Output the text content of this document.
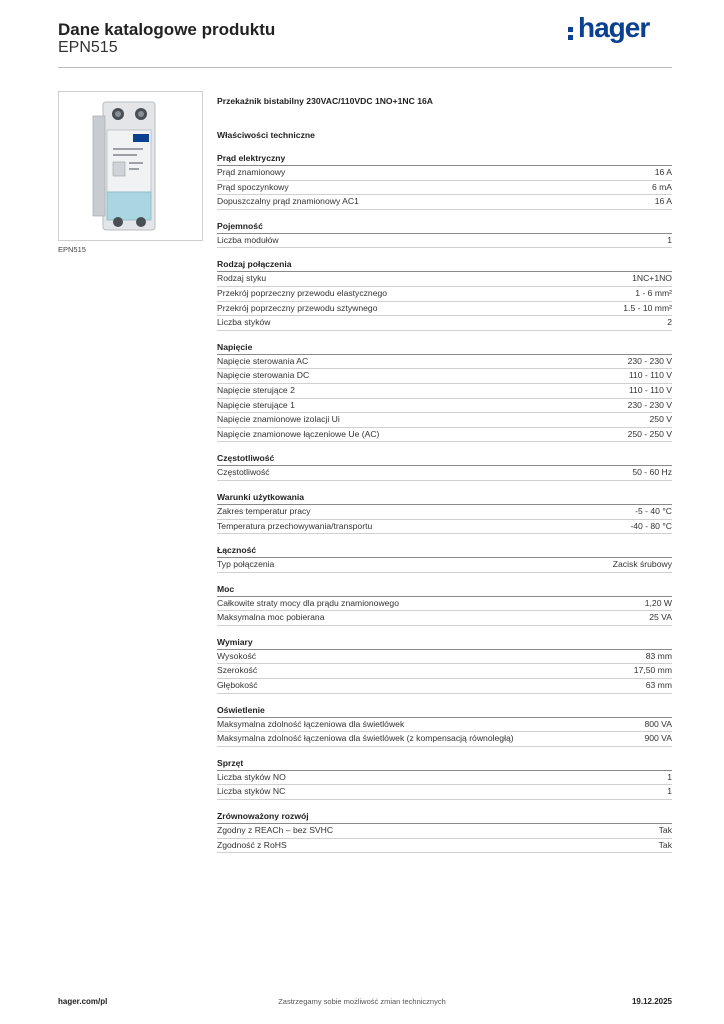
Dane katalogowe produktu
EPN515
hager
EPN515
Przekaźnik bistabilny 230VAC/110VDC 1NO+1NC 16A
Właściwości techniczne
Prąd elektryczny
Prąd znamionowy	16 A
Prąd spoczynkowy	6 mA
Dopuszczalny prąd znamionowy AC1	16 A
Pojemność
Liczba modułów	1
Rodzaj połączenia
Rodzaj styku	1NC+1NO
Przekrój poprzeczny przewodu elastycznego	1 - 6 mm²
Przekrój poprzeczny przewodu sztywnego	1.5 - 10 mm²
Liczba styków	2
Napięcie
Napięcie sterowania AC	230 - 230 V
Napięcie sterowania DC	110 - 110 V
Napięcie sterujące 2	110 - 110 V
Napięcie sterujące 1	230 - 230 V
Napięcie znamionowe izolacji Ui	250 V
Napięcie znamionowe łączeniowe Ue (AC)	250 - 250 V
Częstotliwość
Częstotliwość	50 - 60 Hz
Warunki użytkowania
Zakres temperatur pracy	-5 - 40 °C
Temperatura przechowywania/transportu	-40 - 80 °C
Łączność
Typ połączenia	Zacisk śrubowy
Moc
Całkowite straty mocy dla prądu znamionowego	1,20 W
Maksymalna moc pobierana	25 VA
Wymiary
Wysokość	83 mm
Szerokość	17,50 mm
Głębokość	63 mm
Oświetlenie
Maksymalna zdolność łączeniowa dla świetlówek	800 VA
Maksymalna zdolność łączeniowa dla świetlówek (z kompensacją równoległą)	900 VA
Sprzęt
Liczba styków NO	1
Liczba styków NC	1
Zrównoważony rozwój
Zgodny z REACh – bez SVHC	Tak
Zgodność z RoHS	Tak
hager.com/pl	Zastrzegamy sobie możliwość zmian technicznych	19.12.2025
